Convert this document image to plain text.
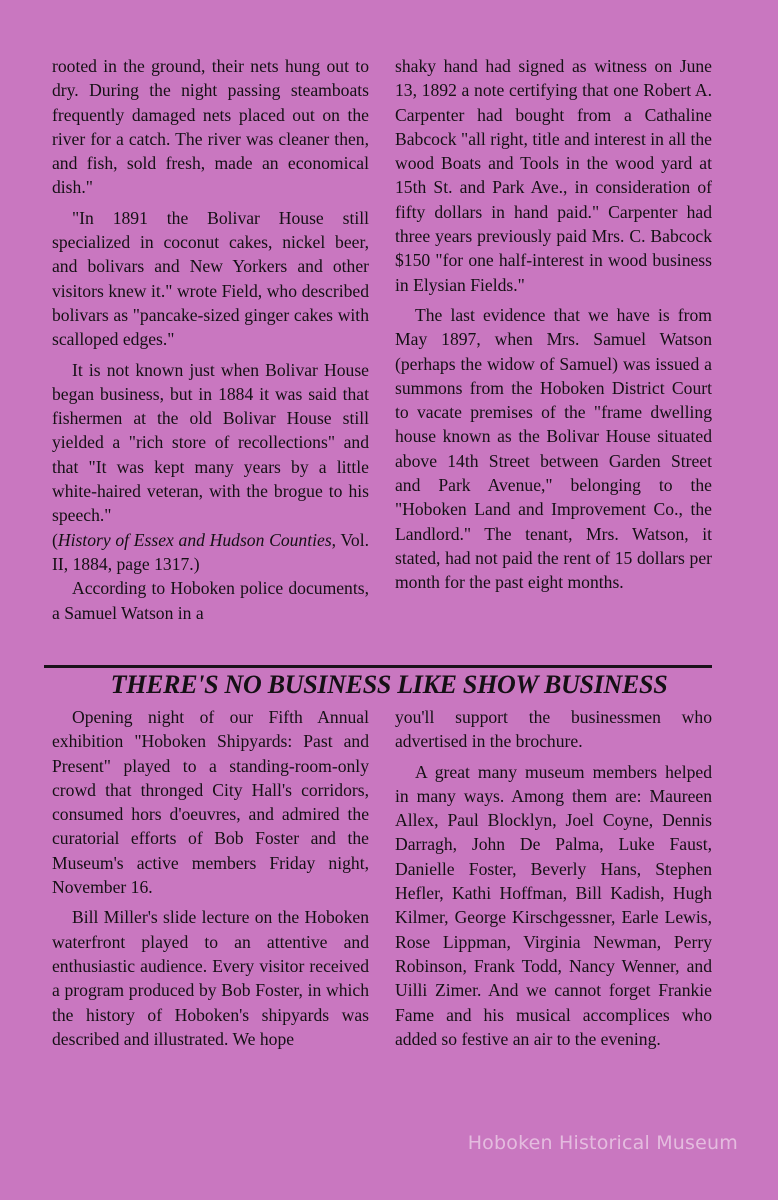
rooted in the ground, their nets hung out to dry. During the night passing steamboats frequently damaged nets placed out on the river for a catch. The river was cleaner then, and fish, sold fresh, made an economical dish."

"In 1891 the Bolivar House still specialized in coconut cakes, nickel beer, and bolivars and New Yorkers and other visitors knew it." wrote Field, who described bolivars as "pancake-sized ginger cakes with scalloped edges."

It is not known just when Bolivar House began business, but in 1884 it was said that fishermen at the old Bolivar House still yielded a "rich store of recollections" and that "It was kept many years by a little white-haired veteran, with the brogue to his speech."

(History of Essex and Hudson Counties, Vol. II, 1884, page 1317.)

According to Hoboken police documents, a Samuel Watson in a

shaky hand had signed as witness on June 13, 1892 a note certifying that one Robert A. Carpenter had bought from a Cathaline Babcock "all right, title and interest in all the wood Boats and Tools in the wood yard at 15th St. and Park Ave., in consideration of fifty dollars in hand paid." Carpenter had three years previously paid Mrs. C. Babcock $150 "for one half-interest in wood business in Elysian Fields."

The last evidence that we have is from May 1897, when Mrs. Samuel Watson (perhaps the widow of Samuel) was issued a summons from the Hoboken District Court to vacate premises of the "frame dwelling house known as the Bolivar House situated above 14th Street between Garden Street and Park Avenue," belonging to the "Hoboken Land and Improvement Co., the Landlord." The tenant, Mrs. Watson, it stated, had not paid the rent of 15 dollars per month for the past eight months.

THERE'S NO BUSINESS LIKE SHOW BUSINESS

Opening night of our Fifth Annual exhibition "Hoboken Shipyards: Past and Present" played to a standing-room-only crowd that thronged City Hall's corridors, consumed hors d'oeuvres, and admired the curatorial efforts of Bob Foster and the Museum's active members Friday night, November 16.

Bill Miller's slide lecture on the Hoboken waterfront played to an attentive and enthusiastic audience. Every visitor received a program produced by Bob Foster, in which the history of Hoboken's shipyards was described and illustrated. We hope

you'll support the businessmen who advertised in the brochure.

A great many museum members helped in many ways. Among them are: Maureen Allex, Paul Blocklyn, Joel Coyne, Dennis Darragh, John De Palma, Luke Faust, Danielle Foster, Beverly Hans, Stephen Hefler, Kathi Hoffman, Bill Kadish, Hugh Kilmer, George Kirschgessner, Earle Lewis, Rose Lippman, Virginia Newman, Perry Robinson, Frank Todd, Nancy Wenner, and Uilli Zimer. And we cannot forget Frankie Fame and his musical accomplices who added so festive an air to the evening.

Hoboken Historical Museum
